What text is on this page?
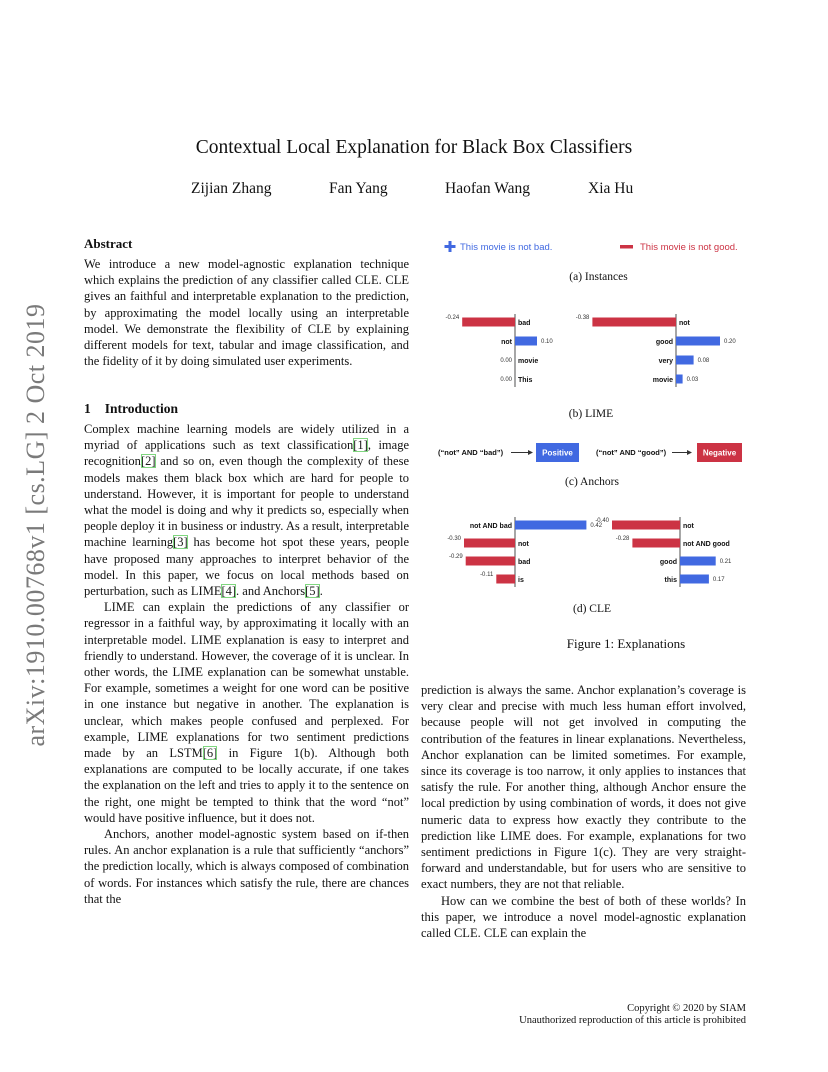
arXiv:1910.00768v1 [cs.LG] 2 Oct 2019
Contextual Local Explanation for Black Box Classifiers
Zijian Zhang	Fan Yang	Haofan Wang	Xia Hu
Abstract

We introduce a new model-agnostic explanation technique which explains the prediction of any classifier called CLE. CLE gives an faithful and interpretable explanation to the prediction, by approximating the model locally using an interpretable model. We demonstrate the flexibility of CLE by explaining different models for text, tabular and image classification, and the fidelity of it by doing simulated user experiments.

1 Introduction

Complex machine learning models are widely utilized in a myriad of applications such as text classification[1], image recognition[2] and so on, even though the complexity of these models makes them black box which are hard for people to understand. However, it is important for people to understand what the model is doing and why it predicts so, especially when people deploy it in business or industry. As a result, interpretable machine learning[3] has become hot spot these years, people have proposed many approaches to interpret behavior of the model. In this paper, we focus on local methods based on perturbation, such as LIME[4]. and Anchors[5].

LIME can explain the predictions of any classifier or regressor in a faithful way, by approximating it locally with an interpretable model. LIME explanation is easy to interpret and friendly to understand. However, the coverage of it is unclear. In other words, the LIME explanation can be somewhat unstable. For example, sometimes a weight for one word can be positive in one instance but negative in another. The explanation is unclear, which makes people confused and perplexed. For example, LIME explanations for two sentiment predictions made by an LSTM[6] in Figure 1(b). Although both explanations are computed to be locally accurate, if one takes the explanation on the left and tries to apply it to the sentence on the right, one might be tempted to think that the word “not” would have positive influence, but it does not.

Anchors, another model-agnostic system based on if-then rules. An anchor explanation is a rule that sufficiently “anchors” the prediction locally, which is always composed of combination of words. For instances which satisfy the rule, there are chances that the

prediction is always the same. Anchor explanation’s coverage is very clear and precise with much less human effort involved, because people will not get involved in computing the contribution of the features in linear explanations. Nevertheless, Anchor explanation can be limited sometimes. For example, since its coverage is too narrow, it only applies to instances that satisfy the rule. For another thing, although Anchor ensure the local prediction by using combination of words, it does not give numeric data to express how exactly they contribute to the prediction like LIME does. For example, explanations for two sentiment predictions in Figure 1(c). They are very straight-forward and understandable, but for users who are sensitive to exact numbers, they are not that reliable.

How can we combine the best of both of these worlds? In this paper, we introduce a novel model-agnostic explanation called CLE. CLE can explain the

This movie is not bad.	This movie is not good.
(“not” AND “bad”)	Positive	(“not” AND “good”)	Negative
bad
-0.24
not	0.10
movie
0.00
This
0.00
not
-0.38
good	0.20
very	0.08
movie 0.03
not AND bad	0.42
not
-0.30
bad
-0.29
is
-0.11
not
-0.40
not AND good
-0.28
good	0.21
this	0.17
(a) Instances
(b) LIME
(c) Anchors
(d) CLE
Figure 1: Explanations
Copyright © 2020 by SIAM
Unauthorized reproduction of this article is prohibited
